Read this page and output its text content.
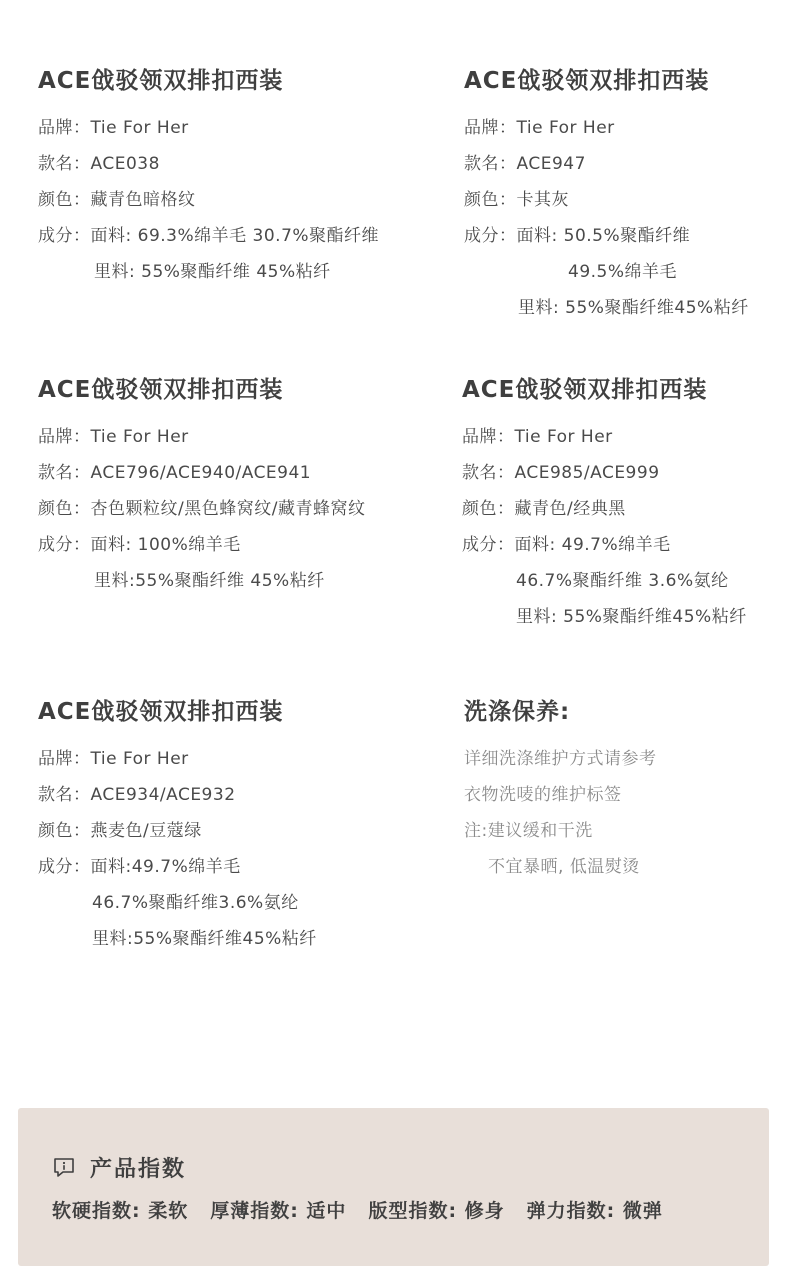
ACE戗驳领双排扣西装
品牌：Tie For Her
款名：ACE038
颜色：藏青色暗格纹
成分：面料: 69.3%绵羊毛 30.7%聚酯纤维
里料: 55%聚酯纤维 45%粘纤
ACE戗驳领双排扣西装
品牌：Tie For Her
款名：ACE947
颜色：卡其灰
成分：面料: 50.5%聚酯纤维
49.5%绵羊毛
里料: 55%聚酯纤维45%粘纤
ACE戗驳领双排扣西装
品牌：Tie For Her
款名：ACE796/ACE940/ACE941
颜色：杏色颗粒纹/黑色蜂窝纹/藏青蜂窝纹
成分：面料: 100%绵羊毛
里料:55%聚酯纤维 45%粘纤
ACE戗驳领双排扣西装
品牌：Tie For Her
款名：ACE985/ACE999
颜色：藏青色/经典黑
成分：面料: 49.7%绵羊毛
46.7%聚酯纤维 3.6%氨纶
里料: 55%聚酯纤维45%粘纤
ACE戗驳领双排扣西装
品牌：Tie For Her
款名：ACE934/ACE932
颜色：燕麦色/豆蔻绿
成分：面料:49.7%绵羊毛
46.7%聚酯纤维3.6%氨纶
里料:55%聚酯纤维45%粘纤
洗涤保养:
详细洗涤维护方式请参考
衣物洗唛的维护标签
注:建议缓和干洗
不宜暴晒, 低温熨烫
产品指数
软硬指数: 柔软 厚薄指数: 适中 版型指数: 修身 弹力指数: 微弹
